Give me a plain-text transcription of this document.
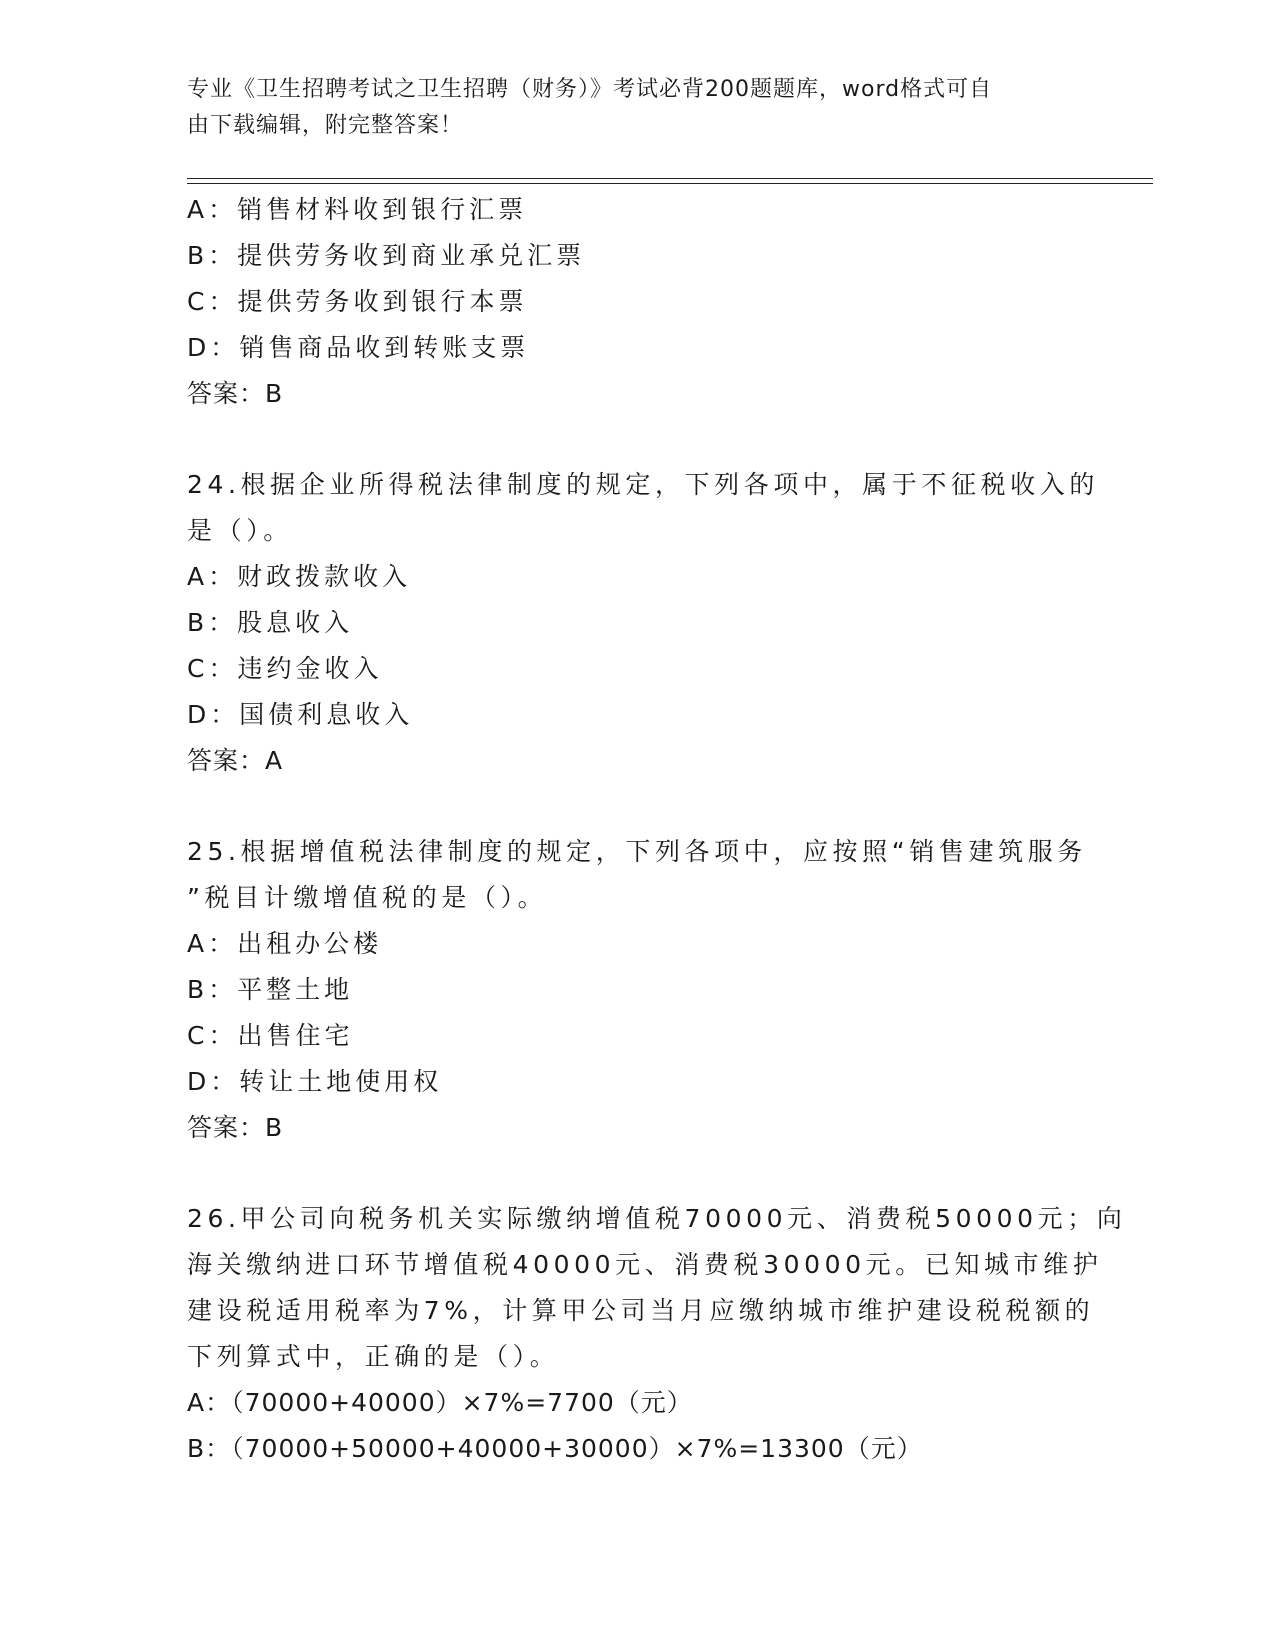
专业《卫生招聘考试之卫生招聘（财务）》考试必背200题题库，word格式可自
由下载编辑，附完整答案！
A：销售材料收到银行汇票
B：提供劳务收到商业承兑汇票
C：提供劳务收到银行本票
D：销售商品收到转账支票
答案：B
24.根据企业所得税法律制度的规定，下列各项中，属于不征税收入的
是（）。
A：财政拨款收入
B：股息收入
C：违约金收入
D：国债利息收入
答案：A
25.根据增值税法律制度的规定，下列各项中，应按照“销售建筑服务
”税目计缴增值税的是（）。
A：出租办公楼
B：平整土地
C：出售住宅
D：转让土地使用权
答案：B
26.甲公司向税务机关实际缴纳增值税70000元、消费税50000元；向
海关缴纳进口环节增值税40000元、消费税30000元。已知城市维护
建设税适用税率为7%，计算甲公司当月应缴纳城市维护建设税税额的
下列算式中，正确的是（）。
A：（70000+40000）×7%=7700（元）
B：（70000+50000+40000+30000）×7%=13300（元）
